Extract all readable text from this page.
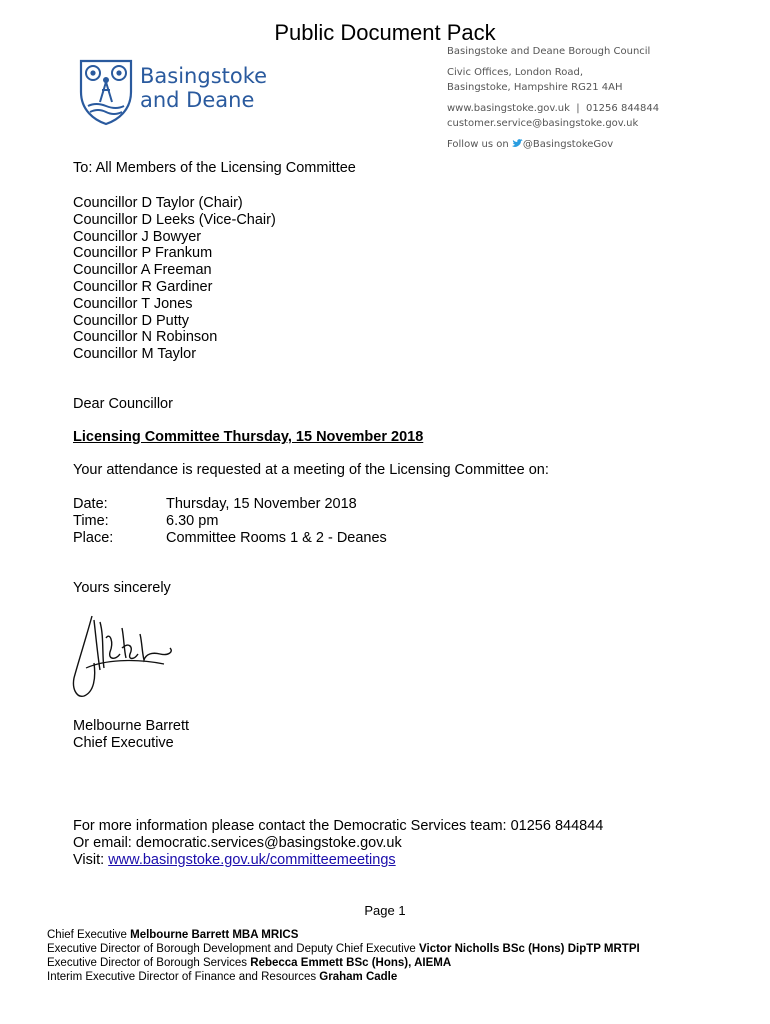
Public Document Pack
Basingstoke
and Deane
Basingstoke and Deane Borough Council
Civic Offices, London Road,
Basingstoke, Hampshire RG21 4AH
www.basingstoke.gov.uk  |  01256 844844
customer.service@basingstoke.gov.uk
Follow us on @BasingstokeGov
To: All Members of the Licensing Committee
Councillor D Taylor (Chair)
Councillor D Leeks (Vice-Chair)
Councillor J Bowyer
Councillor P Frankum
Councillor A Freeman
Councillor R Gardiner
Councillor T Jones
Councillor D Putty
Councillor N Robinson
Councillor M Taylor
Dear Councillor
Licensing Committee Thursday, 15 November 2018
Your attendance is requested at a meeting of the Licensing Committee on:
Date:	Thursday, 15 November 2018
Time:	6.30 pm
Place:	Committee Rooms 1 & 2 - Deanes
Yours sincerely
Melbourne Barrett
Chief Executive
For more information please contact the Democratic Services team: 01256 844844
Or email: democratic.services@basingstoke.gov.uk
Visit: www.basingstoke.gov.uk/committeemeetings
Page 1
Chief Executive Melbourne Barrett MBA MRICS
Executive Director of Borough Development and Deputy Chief Executive Victor Nicholls BSc (Hons) DipTP MRTPI
Executive Director of Borough Services Rebecca Emmett BSc (Hons), AIEMA
Interim Executive Director of Finance and Resources Graham Cadle
